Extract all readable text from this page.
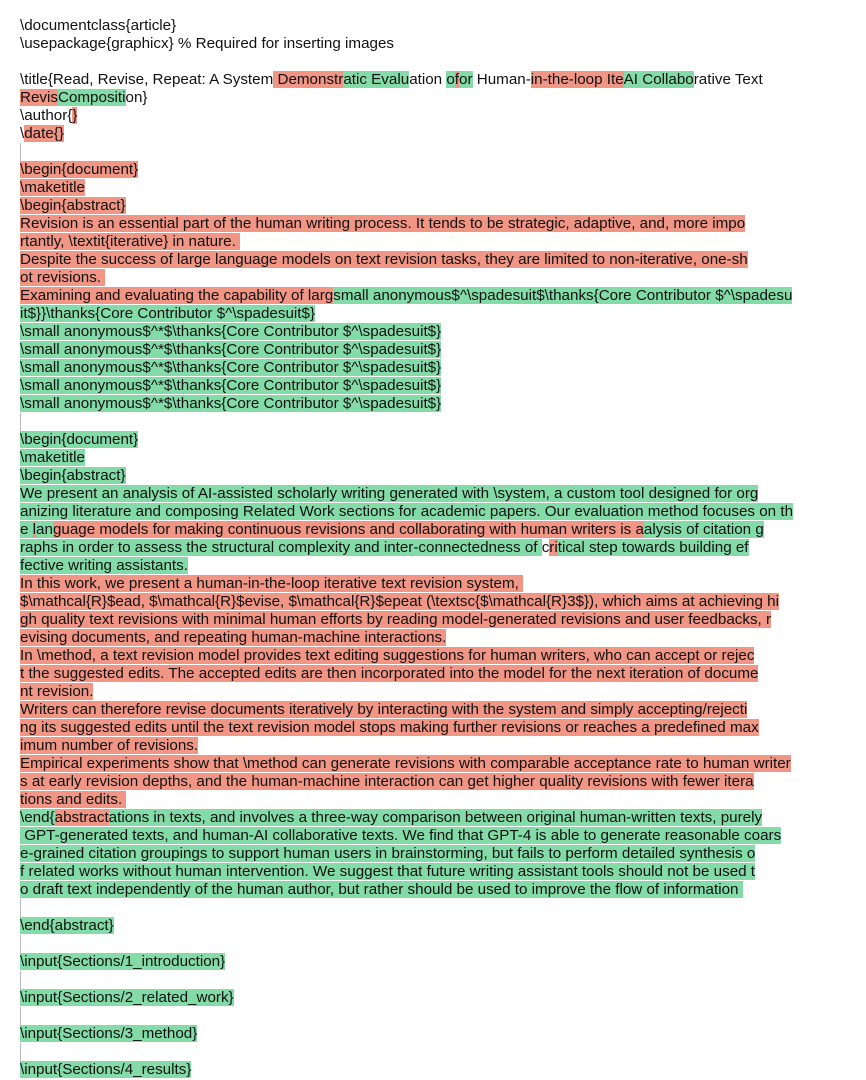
\documentclass{article}
\usepackage{graphicx} % Required for inserting images
\title{Read, Revise, Repeat: A System Demonstratic Evaluation ofor Human-in-the-loop IteAI Collaborative Text
RevisComposition}
\author{}
\date{}
\begin{document}
\maketitle
\begin{abstract}
Revision is an essential part of the human writing process. It tends to be strategic, adaptive, and, more impo
rtantly, \textit{iterative} in nature.
Despite the success of large language models on text revision tasks, they are limited to non-iterative, one-sh
ot revisions.
Examining and evaluating the capability of largsmall anonymous$^\spadesuit$\thanks{Core Contributor $^\spadesu
it$}}\thanks{Core Contributor $^\spadesuit$}
\small anonymous$^*$\thanks{Core Contributor $^\spadesuit$}
\small anonymous$^*$\thanks{Core Contributor $^\spadesuit$}
\small anonymous$^*$\thanks{Core Contributor $^\spadesuit$}
\small anonymous$^*$\thanks{Core Contributor $^\spadesuit$}
\small anonymous$^*$\thanks{Core Contributor $^\spadesuit$}
\begin{document}
\maketitle
\begin{abstract}
We present an analysis of AI-assisted scholarly writing generated with \system, a custom tool designed for org
anizing literature and composing Related Work sections for academic papers. Our evaluation method focuses on th
e language models for making continuous revisions and collaborating with human writers is aalysis of citation g
raphs in order to assess the structural complexity and inter-connectedness of critical step towards building ef
fective writing assistants.
In this work, we present a human-in-the-loop iterative text revision system,
$\mathcal{R}$ead, $\mathcal{R}$evise, $\mathcal{R}$epeat (\textsc{$\mathcal{R}3$}), which aims at achieving hi
gh quality text revisions with minimal human efforts by reading model-generated revisions and user feedbacks, r
evising documents, and repeating human-machine interactions.
In \method, a text revision model provides text editing suggestions for human writers, who can accept or rejec
t the suggested edits. The accepted edits are then incorporated into the model for the next iteration of docume
nt revision.
Writers can therefore revise documents iteratively by interacting with the system and simply accepting/rejecti
ng its suggested edits until the text revision model stops making further revisions or reaches a predefined max
imum number of revisions.
Empirical experiments show that \method can generate revisions with comparable acceptance rate to human writer
s at early revision depths, and the human-machine interaction can get higher quality revisions with fewer itera
tions and edits.
\end{abstractations in texts, and involves a three-way comparison between original human-written texts, purely
GPT-generated texts, and human-AI collaborative texts. We find that GPT-4 is able to generate reasonable coars
e-grained citation groupings to support human users in brainstorming, but fails to perform detailed synthesis o
f related works without human intervention. We suggest that future writing assistant tools should not be used t
o draft text independently of the human author, but rather should be used to improve the flow of information
\end{abstract}
\input{Sections/1_introduction}
\input{Sections/2_related_work}
\input{Sections/3_method}
\input{Sections/4_results}
